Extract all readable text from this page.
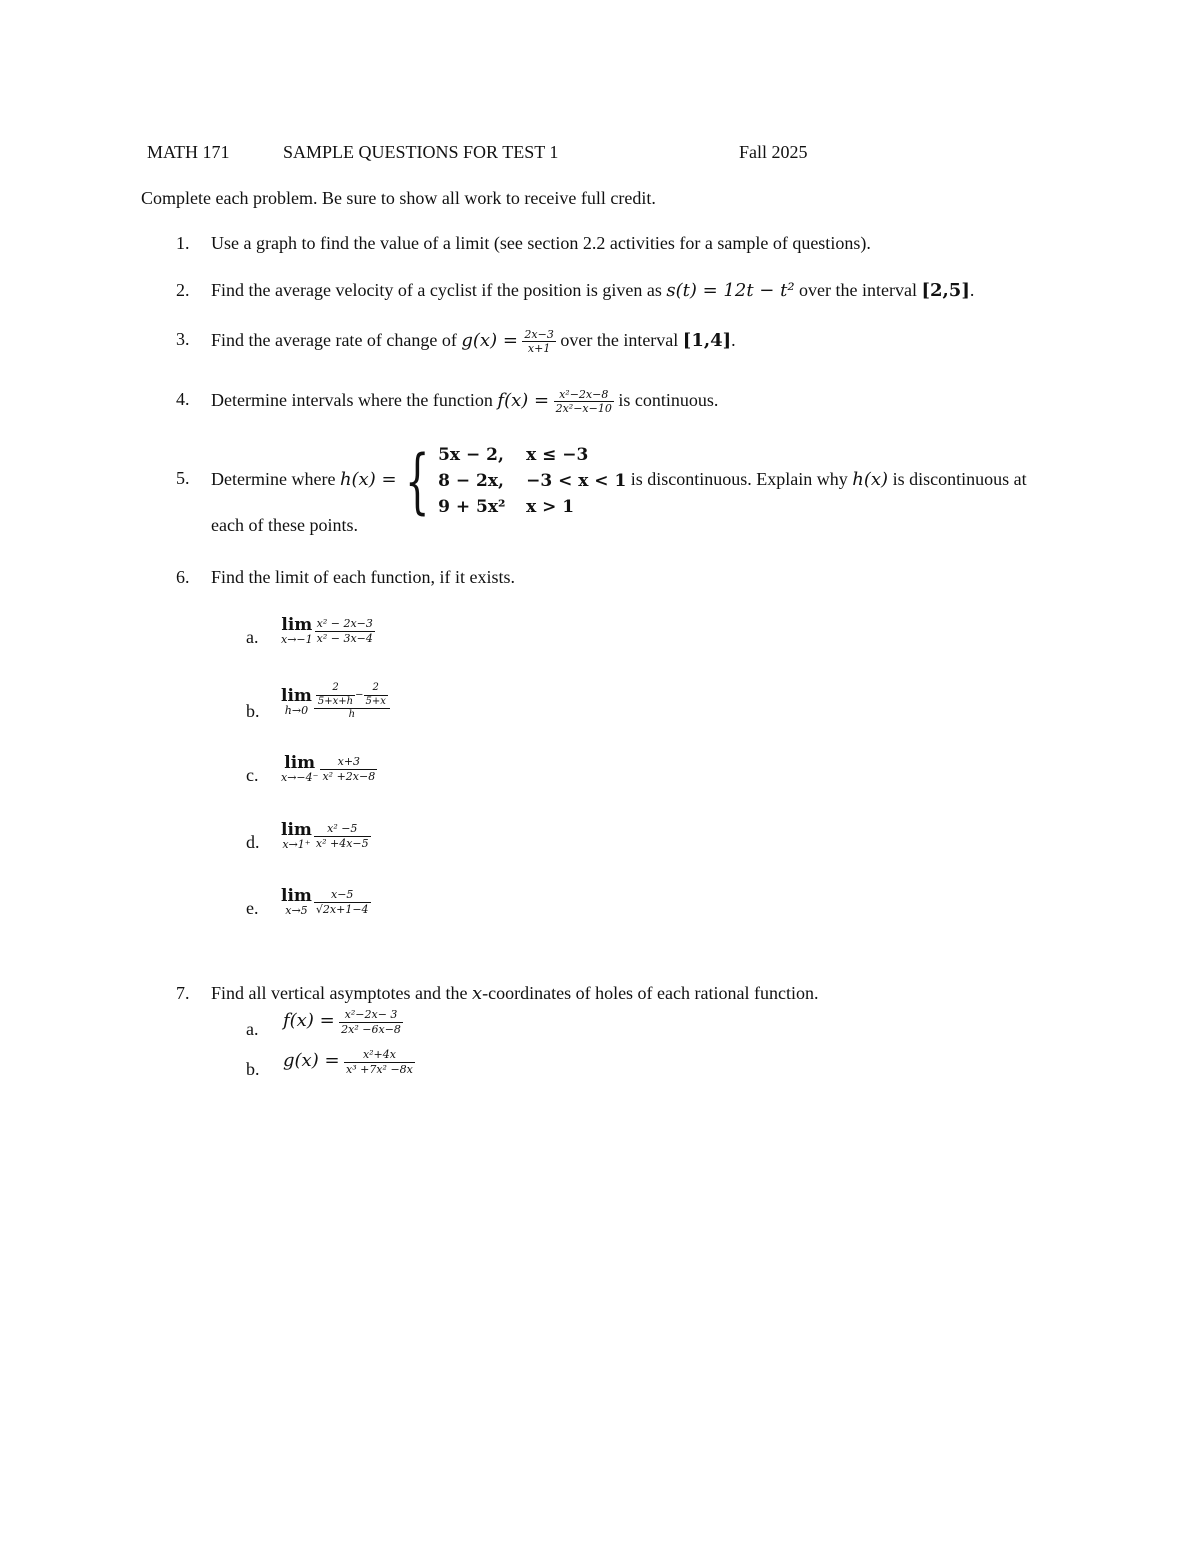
MATH 171	SAMPLE QUESTIONS FOR TEST 1	Fall 2025
Complete each problem. Be sure to show all work to receive full credit.
1. Use a graph to find the value of a limit (see section 2.2 activities for a sample of questions).
2. Find the average velocity of a cyclist if the position is given as s(t) = 12t − t² over the interval [2,5].
3. Find the average rate of change of $g(x) = \frac{2x-3}{x+1}$ over the interval [1,4].
4. Determine intervals where the function $f(x) = \frac{\text{x²−2x−8}}{\text{2x²−x−10}}$ is continuous.
5. Determine where h(x) = { 5x − 2, x ≤ −3
8 − 2x, −3 < x < 1
9 + 5x² x > 1
is discontinuous. Explain why h(x) is discontinuous at
each of these points.
6. Find the limit of each function, if it exists.
a.
lim
$x\to-1 \frac{\text{x² − 2x−3}}{\text{x² − 3x−4}}$
b.
lim
$h\to 0 \frac{\frac{2}{5+x+h} - \frac{2}{5+x}}{h}$
c.
lim
$x\to-4^- \frac{x+3}{\text{x² +2x−8}}$
d.
lim
$x\to 1^+ \frac{\text{x² −5}}{\text{x² +4x−5}}$
e.
lim
$x\to 5 \frac{x-5}{√2x+1-4}$
7. Find all vertical asymptotes and the x-coordinates of holes of each rational function.
a. $f(x) = \frac{\text{x²−2x− 3}}{\text{2x² −6x−8}}$
b. $g(x) = \frac{\text{x²+4x}}{\text{x³ +7x² −8x}}$
